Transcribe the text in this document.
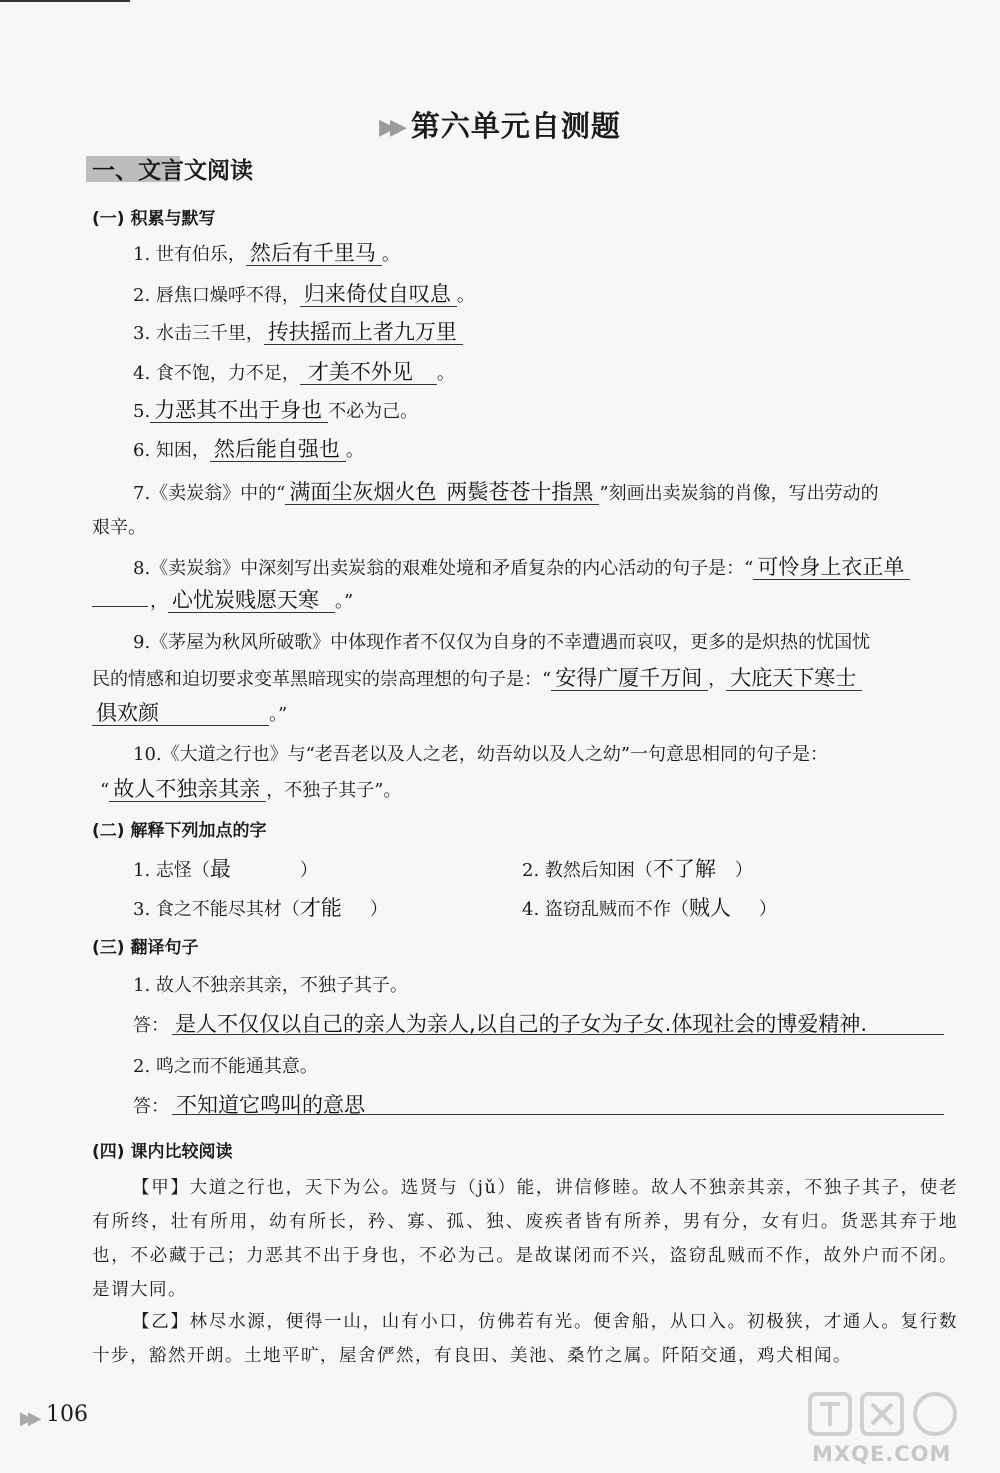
▶▶ 第六单元自测题
一、文言文阅读
(一) 积累与默写
1. 世有伯乐， 然后有千里马 。
2. 唇焦口燥呼不得， 归来倚仗自叹息 。
3. 水击三千里， 抟扶摇而上者九万里
4. 食不饱，力不足， 才美不外见 。
5. 力恶其不出于身也 不必为己。
6. 知困， 然后能自强也 。
7.《卖炭翁》中的“ 满面尘灰烟火色 两鬓苍苍十指黑 ”刻画出卖炭翁的肖像，写出劳动的
艰辛。
8.《卖炭翁》中深刻写出卖炭翁的艰难处境和矛盾复杂的内心活动的句子是：“ 可怜身上衣正单
， 心忧炭贱愿天寒 。”
9.《茅屋为秋风所破歌》中体现作者不仅仅为自身的不幸遭遇而哀叹，更多的是炽热的忧国忧
民的情感和迫切要求变革黑暗现实的崇高理想的句子是：“ 安得广厦千万间 ， 大庇天下寒士
俱欢颜	。”
10.《大道之行也》与“老吾老以及人之老，幼吾幼以及人之幼”一句意思相同的句子是：
“ 故人不独亲其亲 ，不独子其子”。
(二) 解释下列加点的字
1. 志怪（最	）	2. 教然后知困（不了解 ）
3. 食之不能尽其材（才能 ）	4. 盗窃乱贼而不作（贼人 ）
(三) 翻译句子
1. 故人不独亲其亲，不独子其子。
答： 是人不仅仅以自己的亲人为亲人,以自己的子女为子女.体现社会的博爱精神.
2. 鸣之而不能通其意。
答： 不知道它鸣叫的意思
(四) 课内比较阅读
【甲】大道之行也，天下为公。选贤与（jǔ）能，讲信修睦。故人不独亲其亲，不独子其子，使老有所终，壮有所用，幼有所长，矜、寡、孤、独、废疾者皆有所养，男有分，女有归。货恶其弃于地也，不必藏于己；力恶其不出于身也，不必为己。是故谋闭而不兴，盗窃乱贼而不作，故外户而不闭。是谓大同。
【乙】林尽水源，便得一山，山有小口，仿佛若有光。便舍船，从口入。初极狭，才通人。复行数十步，豁然开朗。土地平旷，屋舍俨然，有良田、美池、桑竹之属。阡陌交通，鸡犬相闻。
▶▶ 106
MXQE.COM
